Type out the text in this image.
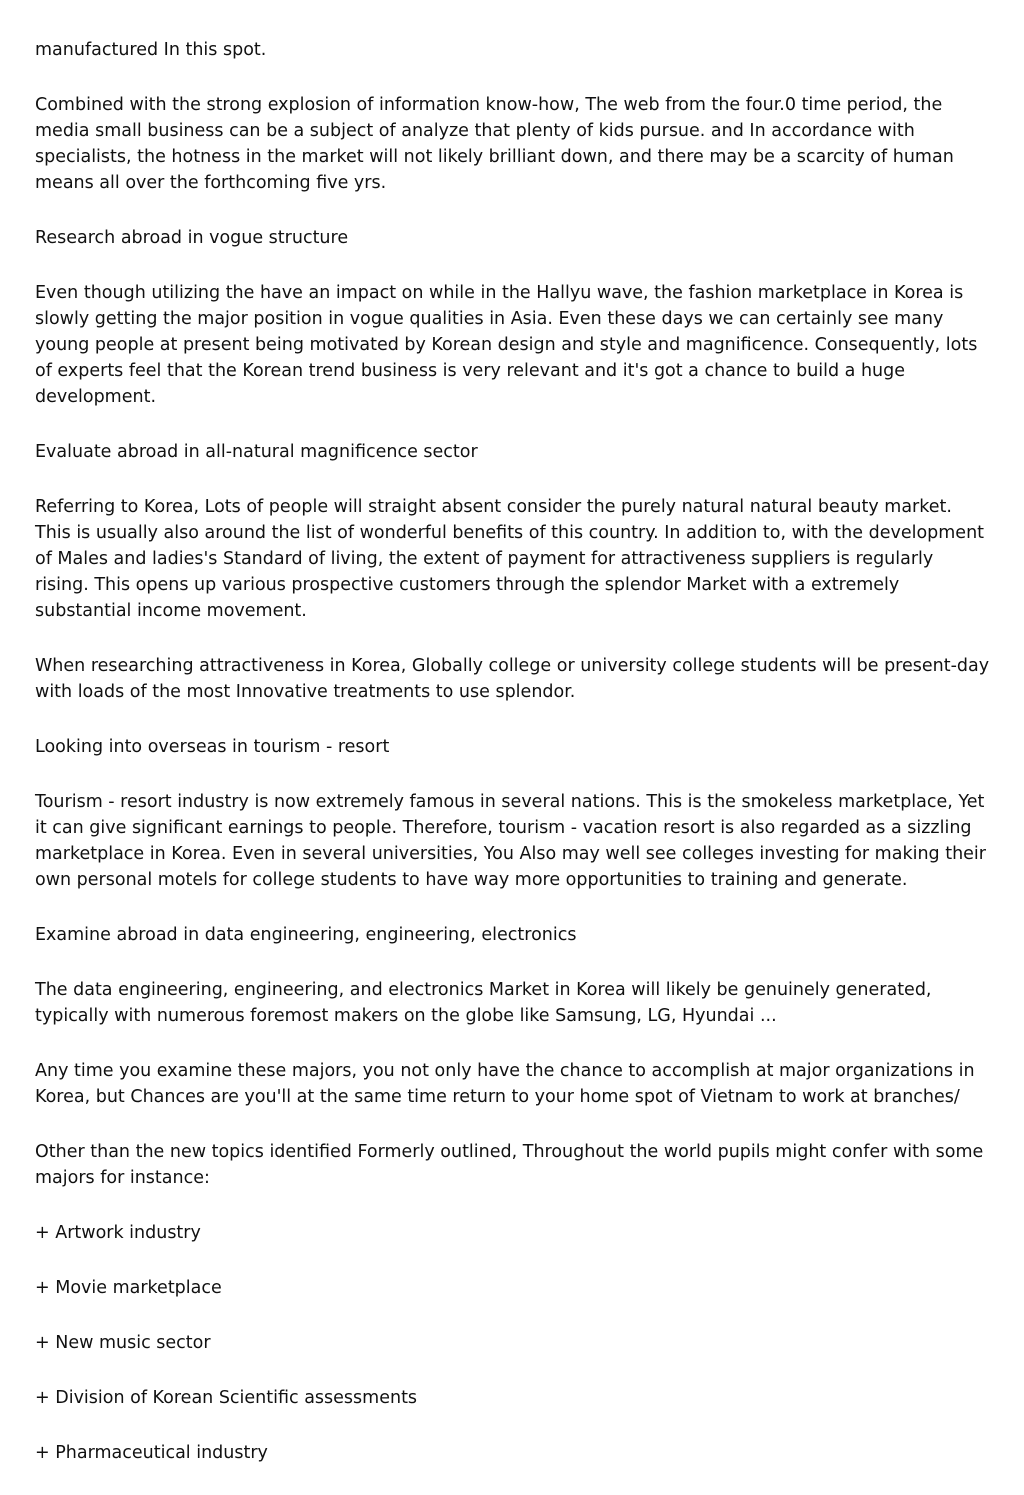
manufactured In this spot.

Combined with the strong explosion of information know-how, The web from the four.0 time period, the media small business can be a subject of analyze that plenty of kids pursue. and In accordance with specialists, the hotness in the market will not likely brilliant down, and there may be a scarcity of human means all over the forthcoming five yrs.

Research abroad in vogue structure

Even though utilizing the have an impact on while in the Hallyu wave, the fashion marketplace in Korea is slowly getting the major position in vogue qualities in Asia. Even these days we can certainly see many young people at present being motivated by Korean design and style and magnificence. Consequently, lots of experts feel that the Korean trend business is very relevant and it's got a chance to build a huge development.

Evaluate abroad in all-natural magnificence sector

Referring to Korea, Lots of people will straight absent consider the purely natural natural beauty market. This is usually also around the list of wonderful benefits of this country. In addition to, with the development of Males and ladies's Standard of living, the extent of payment for attractiveness suppliers is regularly rising. This opens up various prospective customers through the splendor Market with a extremely substantial income movement.

When researching attractiveness in Korea, Globally college or university college students will be present-day with loads of the most Innovative treatments to use splendor.

Looking into overseas in tourism - resort

Tourism - resort industry is now extremely famous in several nations. This is the smokeless marketplace, Yet it can give significant earnings to people. Therefore, tourism - vacation resort is also regarded as a sizzling marketplace in Korea. Even in several universities, You Also may well see colleges investing for making their own personal motels for college students to have way more opportunities to training and generate.

Examine abroad in data engineering, engineering, electronics

The data engineering, engineering, and electronics Market in Korea will likely be genuinely generated, typically with numerous foremost makers on the globe like Samsung, LG, Hyundai ...

Any time you examine these majors, you not only have the chance to accomplish at major organizations in Korea, but Chances are you'll at the same time return to your home spot of Vietnam to work at branches/

Other than the new topics identified Formerly outlined, Throughout the world pupils might confer with some majors for instance:

+ Artwork industry

+ Movie marketplace

+ New music sector

+ Division of Korean Scientific assessments

+ Pharmaceutical industry
